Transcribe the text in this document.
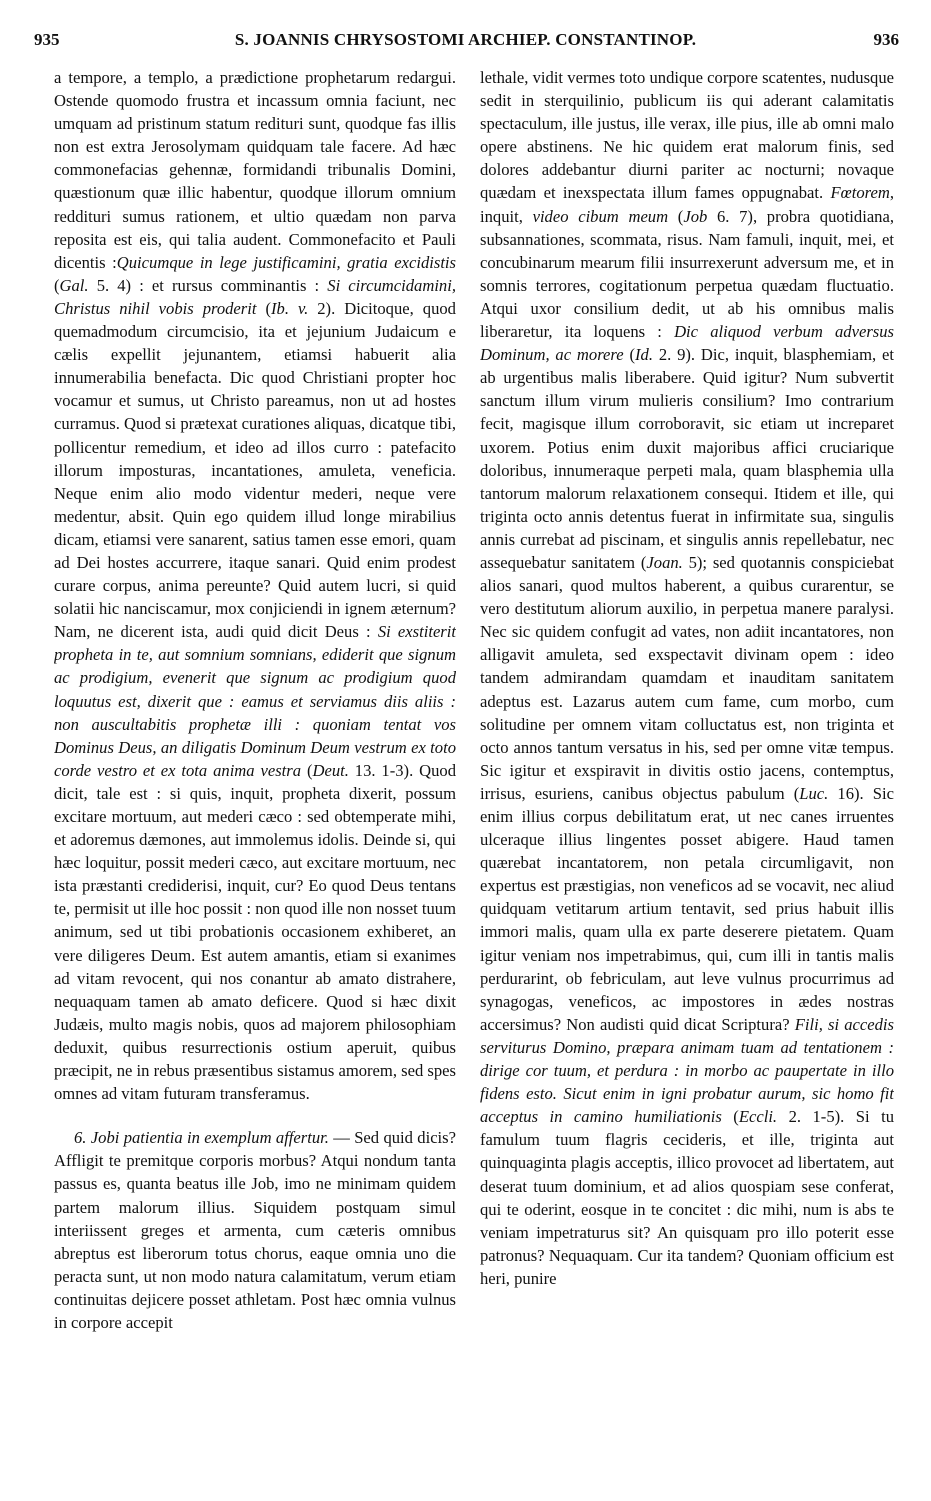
935	S. JOANNIS CHRYSOSTOMI ARCHIEP. CONSTANTINOP.	936

a tempore, a templo, a prædictione prophetarum redargui. Ostende quomodo frustra et incassum omnia faciunt, nec umquam ad pristinum statum redituri sunt, quodque fas illis non est extra Jerosolymam quidquam tale facere. Ad hæc commonefacias gehennæ, formidandi tribunalis Domini, quæstionum quæ illic habentur, quodque illorum omnium reddituri sumus rationem, et ultio quædam non parva reposita est eis, qui talia audent. Commonefacito et Pauli dicentis :Quicumque in lege justificamini, gratia excidistis (Gal. 5. 4) : et rursus comminantis : Si circumcidamini, Christus nihil vobis proderit (Ib. v. 2). Dicitoque, quod quemadmodum circumcisio, ita et jejunium Judaicum e cælis expellit jejunantem, etiamsi habuerit alia innumerabilia benefacta. Dic quod Christiani propter hoc vocamur et sumus, ut Christo pareamus, non ut ad hostes curramus. Quod si prætexat curationes aliquas, dicatque tibi, pollicentur remedium, et ideo ad illos curro : patefacito illorum imposturas, incantationes, amuleta, veneficia. Neque enim alio modo videntur mederi, neque vere medentur, absit. Quin ego quidem illud longe mirabilius dicam, etiamsi vere sanarent, satius tamen esse emori, quam ad Dei hostes accurrere, itaque sanari. Quid enim prodest curare corpus, anima pereunte? Quid autem lucri, si quid solatii hic nanciscamur, mox conjiciendi in ignem æternum? Nam, ne dicerent ista, audi quid dicit Deus : Si exstiterit propheta in te, aut somnium somnians, ediderit que signum ac prodigium, evenerit que signum ac prodigium quod loquutus est, dixerit que : eamus et serviamus diis aliis : non auscultabitis prophetæ illi : quoniam tentat vos Dominus Deus, an diligatis Dominum Deum vestrum ex toto corde vestro et ex tota anima vestra (Deut. 13. 1-3). Quod dicit, tale est : si quis, inquit, propheta dixerit, possum excitare mortuum, aut mederi cæco : sed obtemperate mihi, et adoremus dæmones, aut immolemus idolis. Deinde si, qui hæc loquitur, possit mederi cæco, aut excitare mortuum, nec ista præstanti crediderisi, inquit, cur? Eo quod Deus tentans te, permisit ut ille hoc possit : non quod ille non nosset tuum animum, sed ut tibi probationis occasionem exhiberet, an vere diligeres Deum. Est autem amantis, etiam si exanimes ad vitam revocent, qui nos conantur ab amato distrahere, nequaquam tamen ab amato deficere. Quod si hæc dixit Judæis, multo magis nobis, quos ad majorem philosophiam deduxit, quibus resurrectionis ostium aperuit, quibus præcipit, ne in rebus præsentibus sistamus amorem, sed spes omnes ad vitam futuram transferamus.

6. Jobi patientia in exemplum affertur. — Sed quid dicis? Affligit te premitque corporis morbus? Atqui nondum tanta passus es, quanta beatus ille Job, imo ne minimam quidem partem malorum illius. Siquidem postquam simul interiissent greges et armenta, cum cæteris omnibus abreptus est liberorum totus chorus, eaque omnia uno die peracta sunt, ut non modo natura calamitatum, verum etiam continuitas dejicere posset athletam. Post hæc omnia vulnus in corpore accepit

lethale, vidit vermes toto undique corpore scatentes, nudusque sedit in sterquilinio, publicum iis qui aderant calamitatis spectaculum, ille justus, ille verax, ille pius, ille ab omni malo opere abstinens. Ne hic quidem erat malorum finis, sed dolores addebantur diurni pariter ac nocturni; novaque quædam et inexspectata illum fames oppugnabat. Fœtorem, inquit, video cibum meum (Job 6. 7), probra quotidiana, subsannationes, scommata, risus. Nam famuli, inquit, mei, et concubinarum mearum filii insurrexerunt adversum me, et in somnis terrores, cogitationum perpetua quædam fluctuatio. Atqui uxor consilium dedit, ut ab his omnibus malis liberaretur, ita loquens : Dic aliquod verbum adversus Dominum, ac morere (Id. 2. 9). Dic, inquit, blasphemiam, et ab urgentibus malis liberabere. Quid igitur? Num subvertit sanctum illum virum mulieris consilium? Imo contrarium fecit, magisque illum corroboravit, sic etiam ut increparet uxorem. Potius enim duxit majoribus affici cruciarique doloribus, innumeraque perpeti mala, quam blasphemia ulla tantorum malorum relaxationem consequi. Itidem et ille, qui triginta octo annis detentus fuerat in infirmitate sua, singulis annis currebat ad piscinam, et singulis annis repellebatur, nec assequebatur sanitatem (Joan. 5); sed quotannis conspiciebat alios sanari, quod multos haberent, a quibus curarentur, se vero destitutum aliorum auxilio, in perpetua manere paralysi. Nec sic quidem confugit ad vates, non adiit incantatores, non alligavit amuleta, sed exspectavit divinam opem : ideo tandem admirandam quamdam et inauditam sanitatem adeptus est. Lazarus autem cum fame, cum morbo, cum solitudine per omnem vitam colluctatus est, non triginta et octo annos tantum versatus in his, sed per omne vitæ tempus. Sic igitur et exspiravit in divitis ostio jacens, contemptus, irrisus, esuriens, canibus objectus pabulum (Luc. 16). Sic enim illius corpus debilitatum erat, ut nec canes irruentes ulceraque illius lingentes posset abigere. Haud tamen quærebat incantatorem, non petala circumligavit, non expertus est præstigias, non veneficos ad se vocavit, nec aliud quidquam vetitarum artium tentavit, sed prius habuit illis immori malis, quam ulla ex parte deserere pietatem. Quam igitur veniam nos impetrabimus, qui, cum illi in tantis malis perdurarint, ob febriculam, aut leve vulnus procurrimus ad synagogas, veneficos, ac impostores in ædes nostras accersimus? Non audisti quid dicat Scriptura? Fili, si accedis serviturus Domino, præpara animam tuam ad tentationem : dirige cor tuum, et perdura : in morbo ac paupertate in illo fidens esto. Sicut enim in igni probatur aurum, sic homo fit acceptus in camino humiliationis (Eccli. 2. 1-5). Si tu famulum tuum flagris cecideris, et ille, triginta aut quinquaginta plagis acceptis, illico provocet ad libertatem, aut deserat tuum dominium, et ad alios quospiam sese conferat, qui te oderint, eosque in te concitet : dic mihi, num is abs te veniam impetraturus sit? An quisquam pro illo poterit esse patronus? Nequaquam. Cur ita tandem? Quoniam officium est heri, punire
